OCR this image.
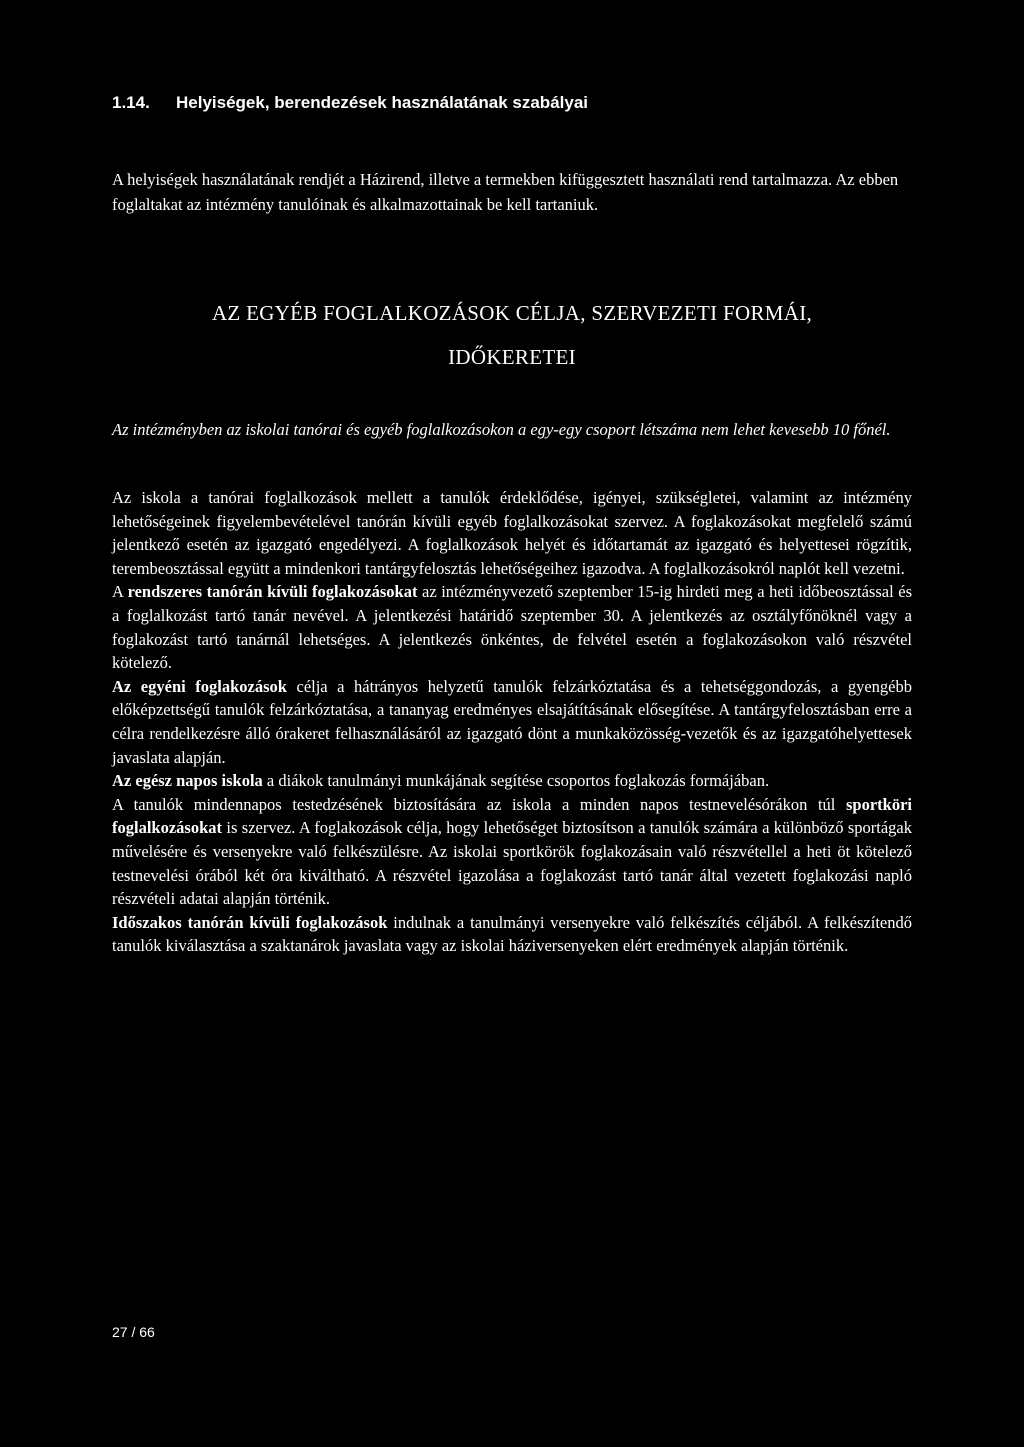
1.14. Helyiségek, berendezések használatának szabályai

A helyiségek használatának rendjét a Házirend, illetve a termekben kifüggesztett használati rend tartalmazza. Az ebben foglaltakat az intézmény tanulóinak és alkalmazottainak be kell tartaniuk.

AZ EGYÉB FOGLALKOZÁSOK CÉLJA, SZERVEZETI FORMÁI,
IDŐKERETEI

Az intézményben az iskolai tanórai és egyéb foglalkozásokon a egy-egy csoport létszáma nem lehet kevesebb 10 főnél.

Az iskola a tanórai foglalkozások mellett a tanulók érdeklődése, igényei, szükségletei, valamint az intézmény lehetőségeinek figyelembevételével tanórán kívüli egyéb foglalkozásokat szervez. A foglakozásokat megfelelő számú jelentkező esetén az igazgató engedélyezi. A foglalkozások helyét és időtartamát az igazgató és helyettesei rögzítik, terembeosztással együtt a mindenkori tantárgyfelosztás lehetőségeihez igazodva. A foglalkozásokról naplót kell vezetni.

A rendszeres tanórán kívüli foglakozásokat az intézményvezető szeptember 15-ig hirdeti meg a heti időbeosztással és a foglalkozást tartó tanár nevével. A jelentkezési határidő szeptember 30. A jelentkezés az osztályfőnöknél vagy a foglakozást tartó tanárnál lehetséges. A jelentkezés önkéntes, de felvétel esetén a foglakozásokon való részvétel kötelező.

Az egyéni foglakozások célja a hátrányos helyzetű tanulók felzárkóztatása és a tehetséggondozás, a gyengébb előképzettségű tanulók felzárkóztatása, a tananyag eredményes elsajátításának elősegítése. A tantárgyfelosztásban erre a célra rendelkezésre álló órakeret felhasználásáról az igazgató dönt a munkaközösség-vezetők és az igazgatóhelyettesek javaslata alapján.

Az egész napos iskola a diákok tanulmányi munkájának segítése csoportos foglakozás formájában.

A tanulók mindennapos testedzésének biztosítására az iskola a minden napos testnevelésórákon túl sportköri foglalkozásokat is szervez. A foglakozások célja, hogy lehetőséget biztosítson a tanulók számára a különböző sportágak művelésére és versenyekre való felkészülésre. Az iskolai sportkörök foglakozásain való részvétellel a heti öt kötelező testnevelési órából két óra kiváltható. A részvétel igazolása a foglakozást tartó tanár által vezetett foglakozási napló részvételi adatai alapján történik.

Időszakos tanórán kívüli foglakozások indulnak a tanulmányi versenyekre való felkészítés céljából. A felkészítendő tanulók kiválasztása a szaktanárok javaslata vagy az iskolai háziversenyeken elért eredmények alapján történik.

27 / 66
